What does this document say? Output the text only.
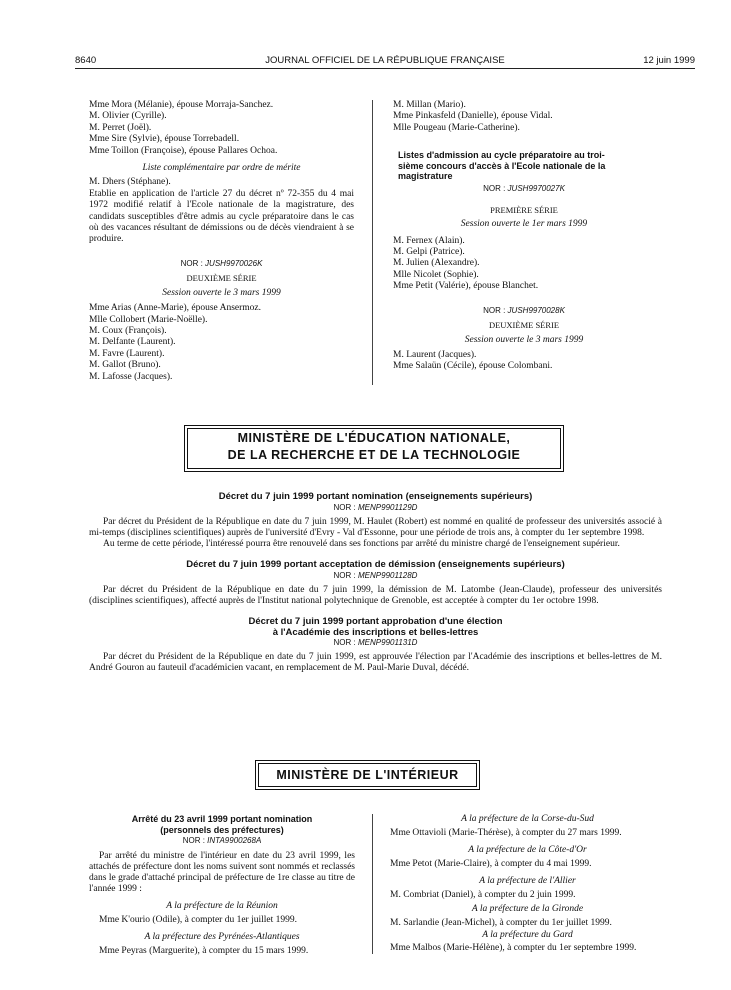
8640	JOURNAL OFFICIEL DE LA RÉPUBLIQUE FRANÇAISE	12 juin 1999
Mme Mora (Mélanie), épouse Morraja-Sanchez.
M. Olivier (Cyrille).
M. Perret (Joël).
Mme Sire (Sylvie), épouse Torrebadell.
Mme Toillon (Françoise), épouse Pallares Ochoa.
Liste complémentaire par ordre de mérite
M. Dhers (Stéphane).
Etablie en application de l'article 27 du décret nº 72-355 du 4 mai 1972 modifié relatif à l'Ecole nationale de la magistrature, des candidats susceptibles d'être admis au cycle préparatoire dans le cas où des vacances résultant de démissions ou de décès viendraient à se produire.
NOR : JUSH9970026K
DEUXIÈME SÉRIE
Session ouverte le 3 mars 1999
Mme Arias (Anne-Marie), épouse Ansermoz.
Mlle Collobert (Marie-Noëlle).
M. Coux (François).
M. Delfante (Laurent).
M. Favre (Laurent).
M. Gallot (Bruno).
M. Lafosse (Jacques).
M. Millan (Mario).
Mme Pinkasfeld (Danielle), épouse Vidal.
Mlle Pougeau (Marie-Catherine).
Listes d'admission au cycle préparatoire au troi-
sième concours d'accès à l'Ecole nationale de la
magistrature
NOR : JUSH9970027K
PREMIÈRE SÉRIE
Session ouverte le 1er mars 1999
M. Fernex (Alain).
M. Gelpi (Patrice).
M. Julien (Alexandre).
Mlle Nicolet (Sophie).
Mme Petit (Valérie), épouse Blanchet.
NOR : JUSH9970028K
DEUXIÈME SÉRIE
Session ouverte le 3 mars 1999
M. Laurent (Jacques).
Mme Salaün (Cécile), épouse Colombani.
MINISTÈRE DE L'ÉDUCATION NATIONALE,
DE LA RECHERCHE ET DE LA TECHNOLOGIE
Décret du 7 juin 1999 portant nomination (enseignements supérieurs)
NOR : MENP9901129D

Par décret du Président de la République en date du 7 juin 1999, M. Haulet (Robert) est nommé en qualité de professeur des universités associé à mi-temps (disciplines scientifiques) auprès de l'université d'Evry - Val d'Essonne, pour une période de trois ans, à compter du 1er septembre 1998.

Au terme de cette période, l'intéressé pourra être renouvelé dans ses fonctions par arrêté du ministre chargé de l'enseignement supérieur.

Décret du 7 juin 1999 portant acceptation de démission (enseignements supérieurs)
NOR : MENP9901128D

Par décret du Président de la République en date du 7 juin 1999, la démission de M. Latombe (Jean-Claude), professeur des universités (disciplines scientifiques), affecté auprès de l'Institut national polytechnique de Grenoble, est acceptée à compter du 1er octobre 1998.

Décret du 7 juin 1999 portant approbation d'une élection
à l'Académie des inscriptions et belles-lettres
NOR : MENP9901131D

Par décret du Président de la République en date du 7 juin 1999, est approuvée l'élection par l'Académie des inscriptions et belles-lettres de M. André Gouron au fauteuil d'académicien vacant, en remplacement de M. Paul-Marie Duval, décédé.

MINISTÈRE DE L'INTÉRIEUR
Arrêté du 23 avril 1999 portant nomination
(personnels des préfectures)
NOR : INTA9900268A
Par arrêté du ministre de l'intérieur en date du 23 avril 1999, les attachés de préfecture dont les noms suivent sont nommés et reclassés dans le grade d'attaché principal de préfecture de 1re classe au titre de l'année 1999 :
A la préfecture de la Réunion
Mme K'ourio (Odile), à compter du 1er juillet 1999.
A la préfecture des Pyrénées-Atlantiques
Mme Peyras (Marguerite), à compter du 15 mars 1999.
A la préfecture de la Corse-du-Sud
Mme Ottavioli (Marie-Thérèse), à compter du 27 mars 1999.
A la préfecture de la Côte-d'Or
Mme Petot (Marie-Claire), à compter du 4 mai 1999.
A la préfecture de l'Allier
M. Combriat (Daniel), à compter du 2 juin 1999.
A la préfecture de la Gironde
M. Sarlandie (Jean-Michel), à compter du 1er juillet 1999.
A la préfecture du Gard
Mme Malbos (Marie-Hélène), à compter du 1er septembre 1999.
